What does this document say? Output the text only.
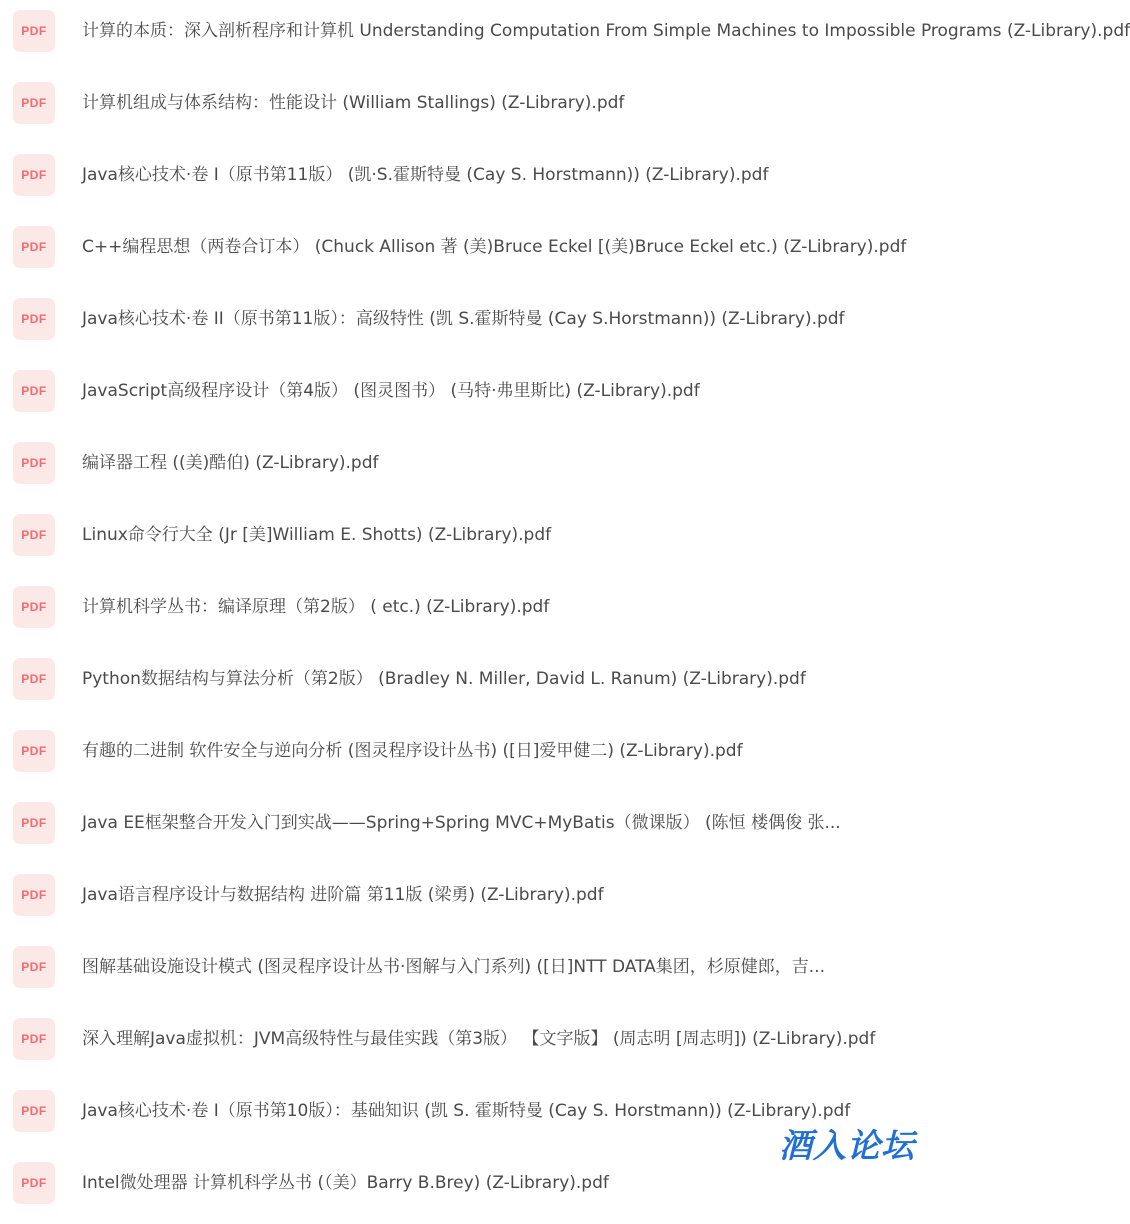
PDF 计算的本质：深入剖析程序和计算机 Understanding Computation From Simple Machines to Impossible Programs (Z-Library).pdf
PDF 计算机组成与体系结构：性能设计 (William Stallings) (Z-Library).pdf
PDF Java核心技术·卷 I（原书第11版） (凯·S.霍斯特曼 (Cay S. Horstmann)) (Z-Library).pdf
PDF C++编程思想（两卷合订本） (Chuck Allison 著 (美)Bruce Eckel [(美)Bruce Eckel etc.) (Z-Library).pdf
PDF Java核心技术·卷 II（原书第11版）：高级特性 (凯 S.霍斯特曼 (Cay S.Horstmann)) (Z-Library).pdf
PDF JavaScript高级程序设计（第4版） (图灵图书） (马特·弗里斯比) (Z-Library).pdf
PDF 编译器工程 ((美)酷伯) (Z-Library).pdf
PDF Linux命令行大全 (Jr [美]William E. Shotts) (Z-Library).pdf
PDF 计算机科学丛书：编译原理（第2版） ( etc.) (Z-Library).pdf
PDF Python数据结构与算法分析（第2版） (Bradley N. Miller, David L. Ranum) (Z-Library).pdf
PDF 有趣的二进制 软件安全与逆向分析 (图灵程序设计丛书) ([日]爱甲健二) (Z-Library).pdf
PDF Java EE框架整合开发入门到实战——Spring+Spring MVC+MyBatis（微课版） (陈恒 楼偶俊 张...
PDF Java语言程序设计与数据结构 进阶篇 第11版 (梁勇) (Z-Library).pdf
PDF 图解基础设施设计模式 (图灵程序设计丛书·图解与入门系列) ([日]NTT DATA集团，杉原健郎，吉...
PDF 深入理解Java虚拟机：JVM高级特性与最佳实践（第3版） 【文字版】 (周志明 [周志明]) (Z-Library).pdf
PDF Java核心技术·卷 I（原书第10版）：基础知识 (凯 S. 霍斯特曼 (Cay S. Horstmann)) (Z-Library).pdf
PDF Intel微处理器 计算机科学丛书 (（美）Barry B.Brey) (Z-Library).pdf
酒入论坛
